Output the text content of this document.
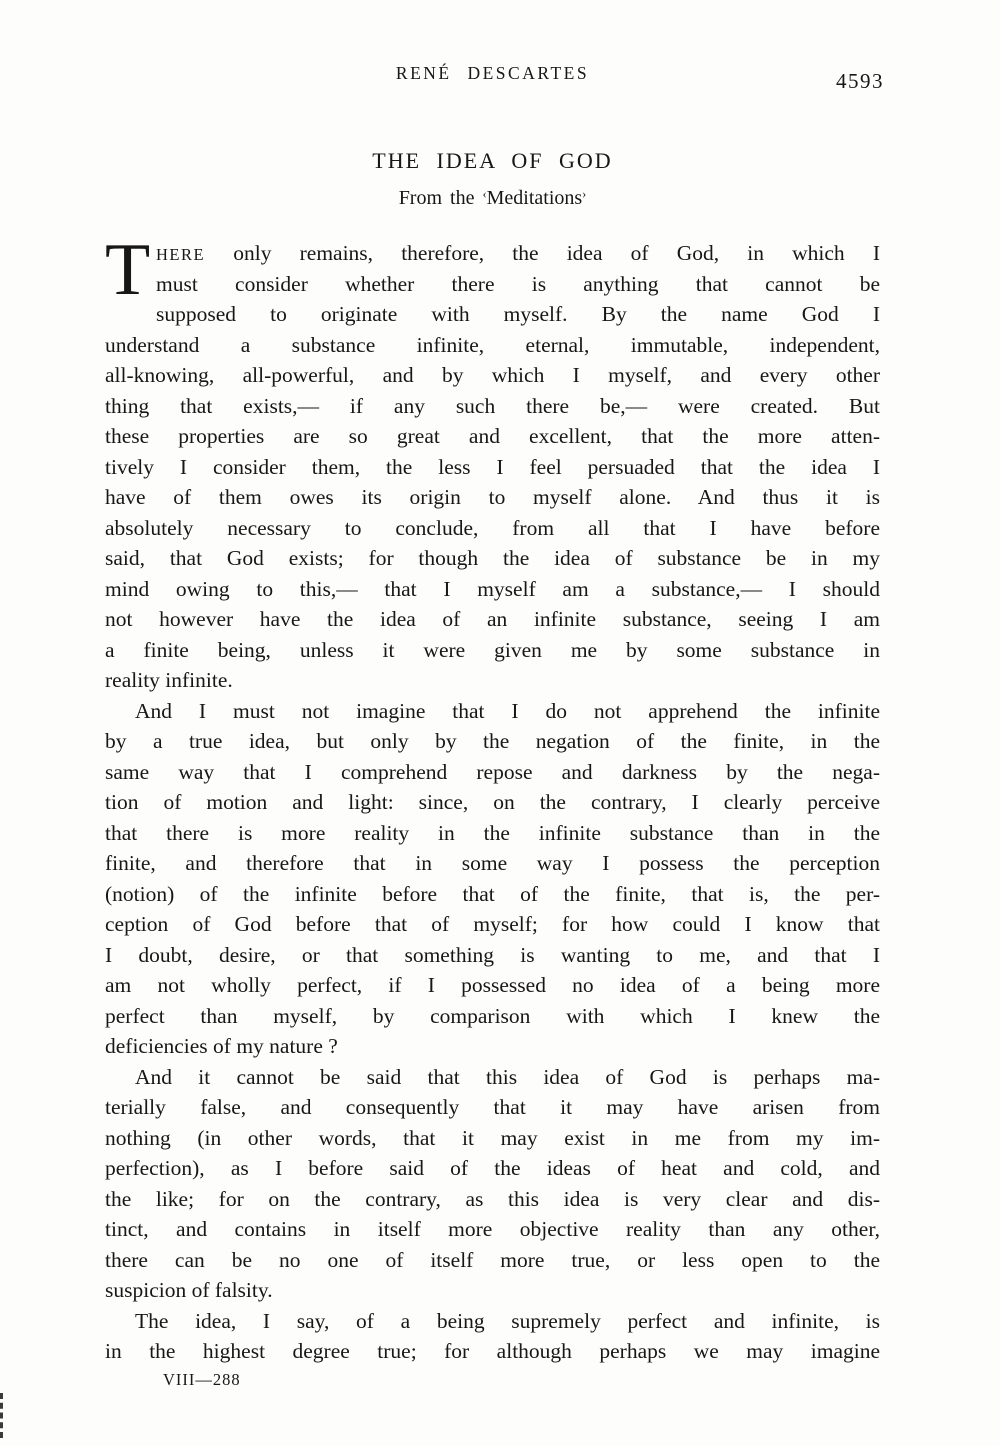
RENÉ DESCARTES	4593
THE IDEA OF GOD
From the ‹Meditations›
T HERE only remains, therefore, the idea of God, in which I
must consider whether there is anything that cannot be
supposed to originate with myself. By the name God I
understand a substance infinite, eternal, immutable, independent,
all-knowing, all-powerful, and by which I myself, and every other
thing that exists,— if any such there be,— were created. But
these properties are so great and excellent, that the more atten-
tively I consider them, the less I feel persuaded that the idea I
have of them owes its origin to myself alone. And thus it is
absolutely necessary to conclude, from all that I have before
said, that God exists; for though the idea of substance be in my
mind owing to this,— that I myself am a substance,— I should
not however have the idea of an infinite substance, seeing I am
a finite being, unless it were given me by some substance in
reality infinite.
And I must not imagine that I do not apprehend the infinite
by a true idea, but only by the negation of the finite, in the
same way that I comprehend repose and darkness by the nega-
tion of motion and light: since, on the contrary, I clearly perceive
that there is more reality in the infinite substance than in the
finite, and therefore that in some way I possess the perception
(notion) of the infinite before that of the finite, that is, the per-
ception of God before that of myself; for how could I know that
I doubt, desire, or that something is wanting to me, and that I
am not wholly perfect, if I possessed no idea of a being more
perfect than myself, by comparison with which I knew the
deficiencies of my nature ?
And it cannot be said that this idea of God is perhaps ma-
terially false, and consequently that it may have arisen from
nothing (in other words, that it may exist in me from my im-
perfection), as I before said of the ideas of heat and cold, and
the like; for on the contrary, as this idea is very clear and dis-
tinct, and contains in itself more objective reality than any other,
there can be no one of itself more true, or less open to the
suspicion of falsity.
The idea, I say, of a being supremely perfect and infinite, is
in the highest degree true; for although perhaps we may imagine
VIII—288
